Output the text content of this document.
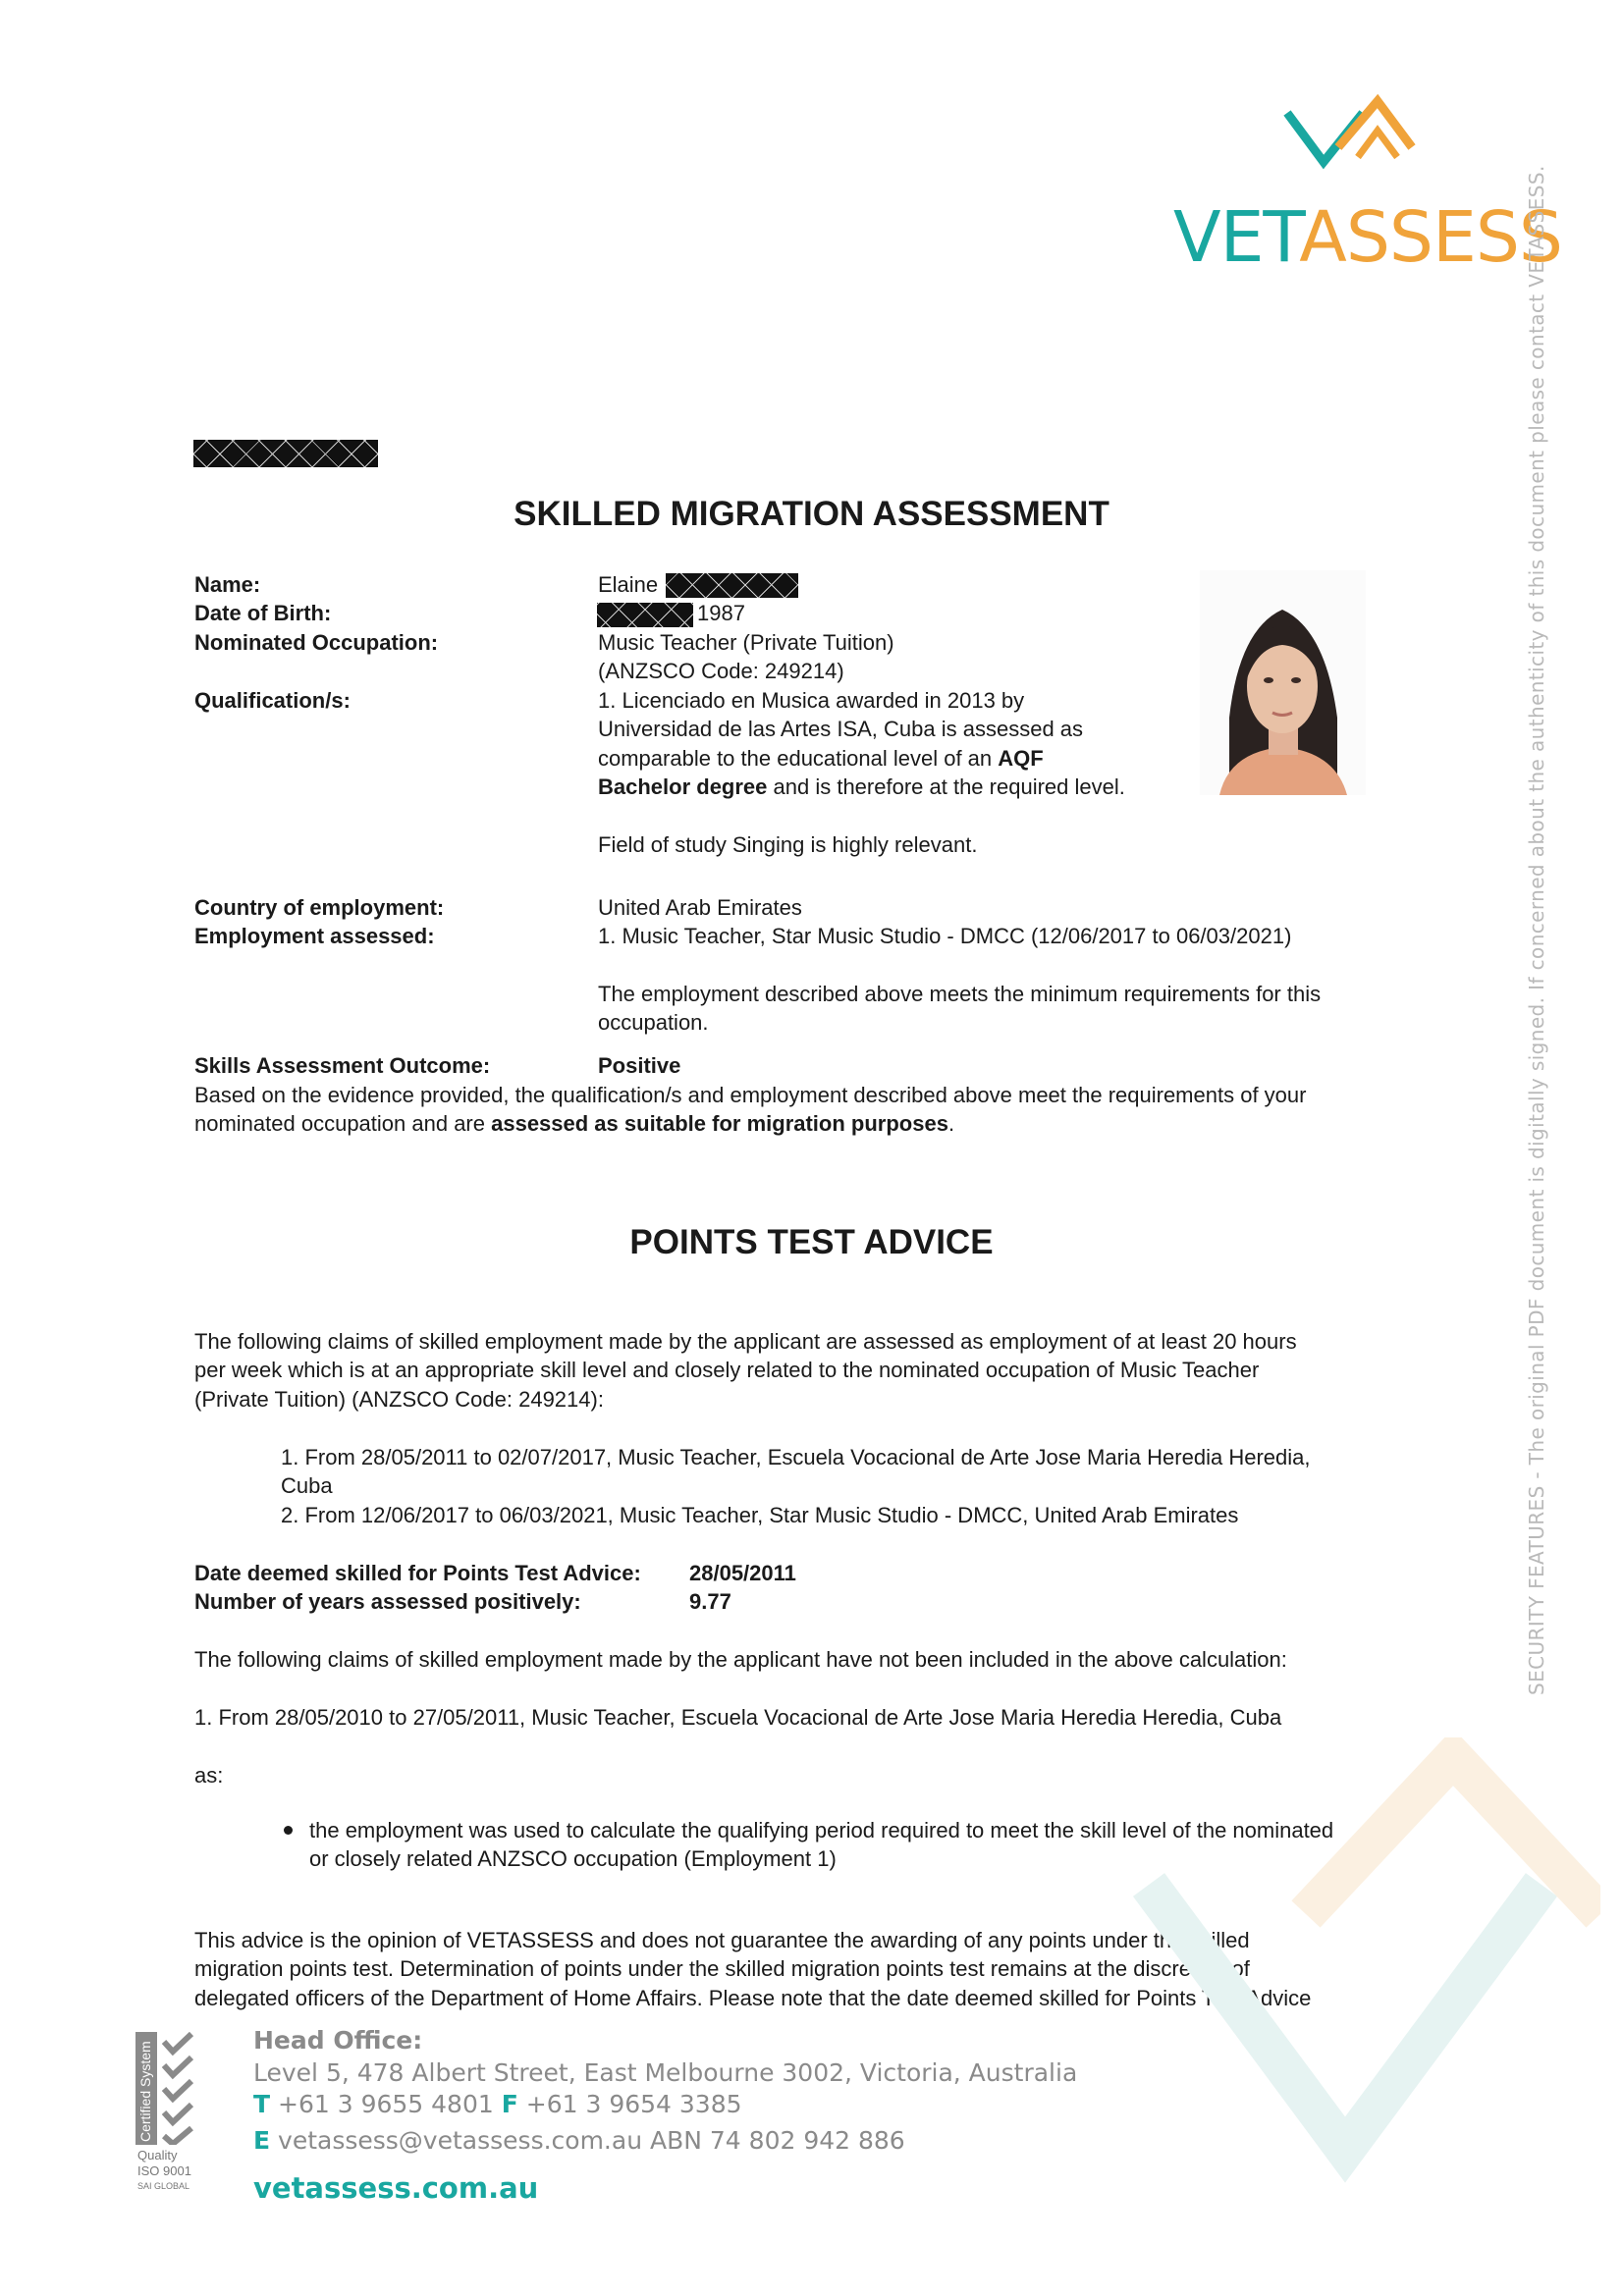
VETASSESS
SECURITY FEATURES - The original PDF document is digitally signed. If concerned about the authenticity of this document please contact VETASSESS.
SKILLED MIGRATION ASSESSMENT
Name:
Date of Birth:
Nominated Occupation:
Qualification/s:
Elaine
1987
Music Teacher (Private Tuition)
(ANZSCO Code: 249214)
1. Licenciado en Musica awarded in 2013 by
Universidad de las Artes ISA, Cuba is assessed as
comparable to the educational level of an AQF
Bachelor degree and is therefore at the required level.
Field of study Singing is highly relevant.
Country of employment:
Employment assessed:
United Arab Emirates
1. Music Teacher, Star Music Studio - DMCC (12/06/2017 to 06/03/2021)
The employment described above meets the minimum requirements for this
occupation.
Skills Assessment Outcome:	Positive
Based on the evidence provided, the qualification/s and employment described above meet the requirements of your
nominated occupation and are assessed as suitable for migration purposes.
POINTS TEST ADVICE
The following claims of skilled employment made by the applicant are assessed as employment of at least 20 hours
per week which is at an appropriate skill level and closely related to the nominated occupation of Music Teacher
(Private Tuition) (ANZSCO Code: 249214):
1. From 28/05/2011 to 02/07/2017, Music Teacher, Escuela Vocacional de Arte Jose Maria Heredia Heredia,
Cuba
2. From 12/06/2017 to 06/03/2021, Music Teacher, Star Music Studio - DMCC, United Arab Emirates
Date deemed skilled for Points Test Advice: 28/05/2011
Number of years assessed positively:	9.77
The following claims of skilled employment made by the applicant have not been included in the above calculation:
1. From 28/05/2010 to 27/05/2011, Music Teacher, Escuela Vocacional de Arte Jose Maria Heredia Heredia, Cuba
as:
the employment was used to calculate the qualifying period required to meet the skill level of the nominated
or closely related ANZSCO occupation (Employment 1)
This advice is the opinion of VETASSESS and does not guarantee the awarding of any points under the skilled
migration points test. Determination of points under the skilled migration points test remains at the discretion of
delegated officers of the Department of Home Affairs. Please note that the date deemed skilled for Points Test Advice
Certified System
Quality
ISO 9001
SAI GLOBAL
Head Office:
Level 5, 478 Albert Street, East Melbourne 3002, Victoria, Australia
T +61 3 9655 4801 F +61 3 9654 3385
E vetassess@vetassess.com.au ABN 74 802 942 886
vetassess.com.au
